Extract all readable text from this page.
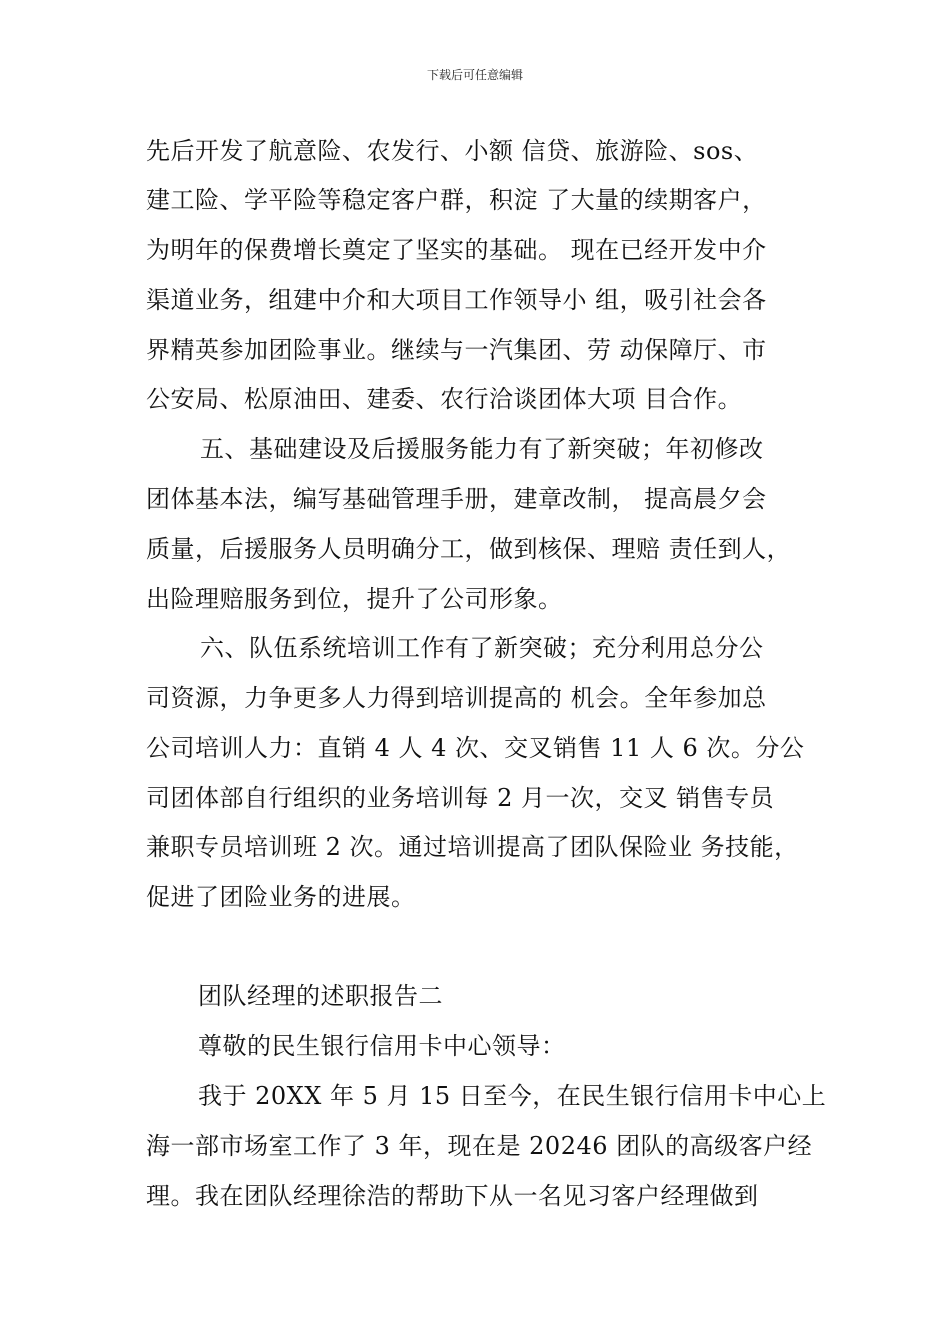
下载后可任意编辑
先后开发了航意险、农发行、小额 信贷、旅游险、sos、
建工险、学平险等稳定客户群，积淀 了大量的续期客户，
为明年的保费增长奠定了坚实的基础。 现在已经开发中介
渠道业务，组建中介和大项目工作领导小 组，吸引社会各
界精英参加团险事业。继续与一汽集团、劳 动保障厅、市
公安局、松原油田、建委、农行洽谈团体大项 目合作。
五、基础建设及后援服务能力有了新突破；年初修改
团体基本法，编写基础管理手册，建章改制， 提高晨夕会
质量，后援服务人员明确分工，做到核保、理赔 责任到人，
出险理赔服务到位，提升了公司形象。
六、队伍系统培训工作有了新突破；充分利用总分公
司资源，力争更多人力得到培训提高的 机会。全年参加总
公司培训人力：直销 4 人 4 次、交叉销售 11 人 6 次。分公
司团体部自行组织的业务培训每 2 月一次，交叉 销售专员
兼职专员培训班 2 次。通过培训提高了团队保险业 务技能，
促进了团险业务的进展。
团队经理的述职报告二
尊敬的民生银行信用卡中心领导：
我于 20XX 年 5 月 15 日至今，在民生银行信用卡中心上
海一部市场室工作了 3 年，现在是 20246 团队的高级客户经
理。我在团队经理徐浩的帮助下从一名见习客户经理做到
